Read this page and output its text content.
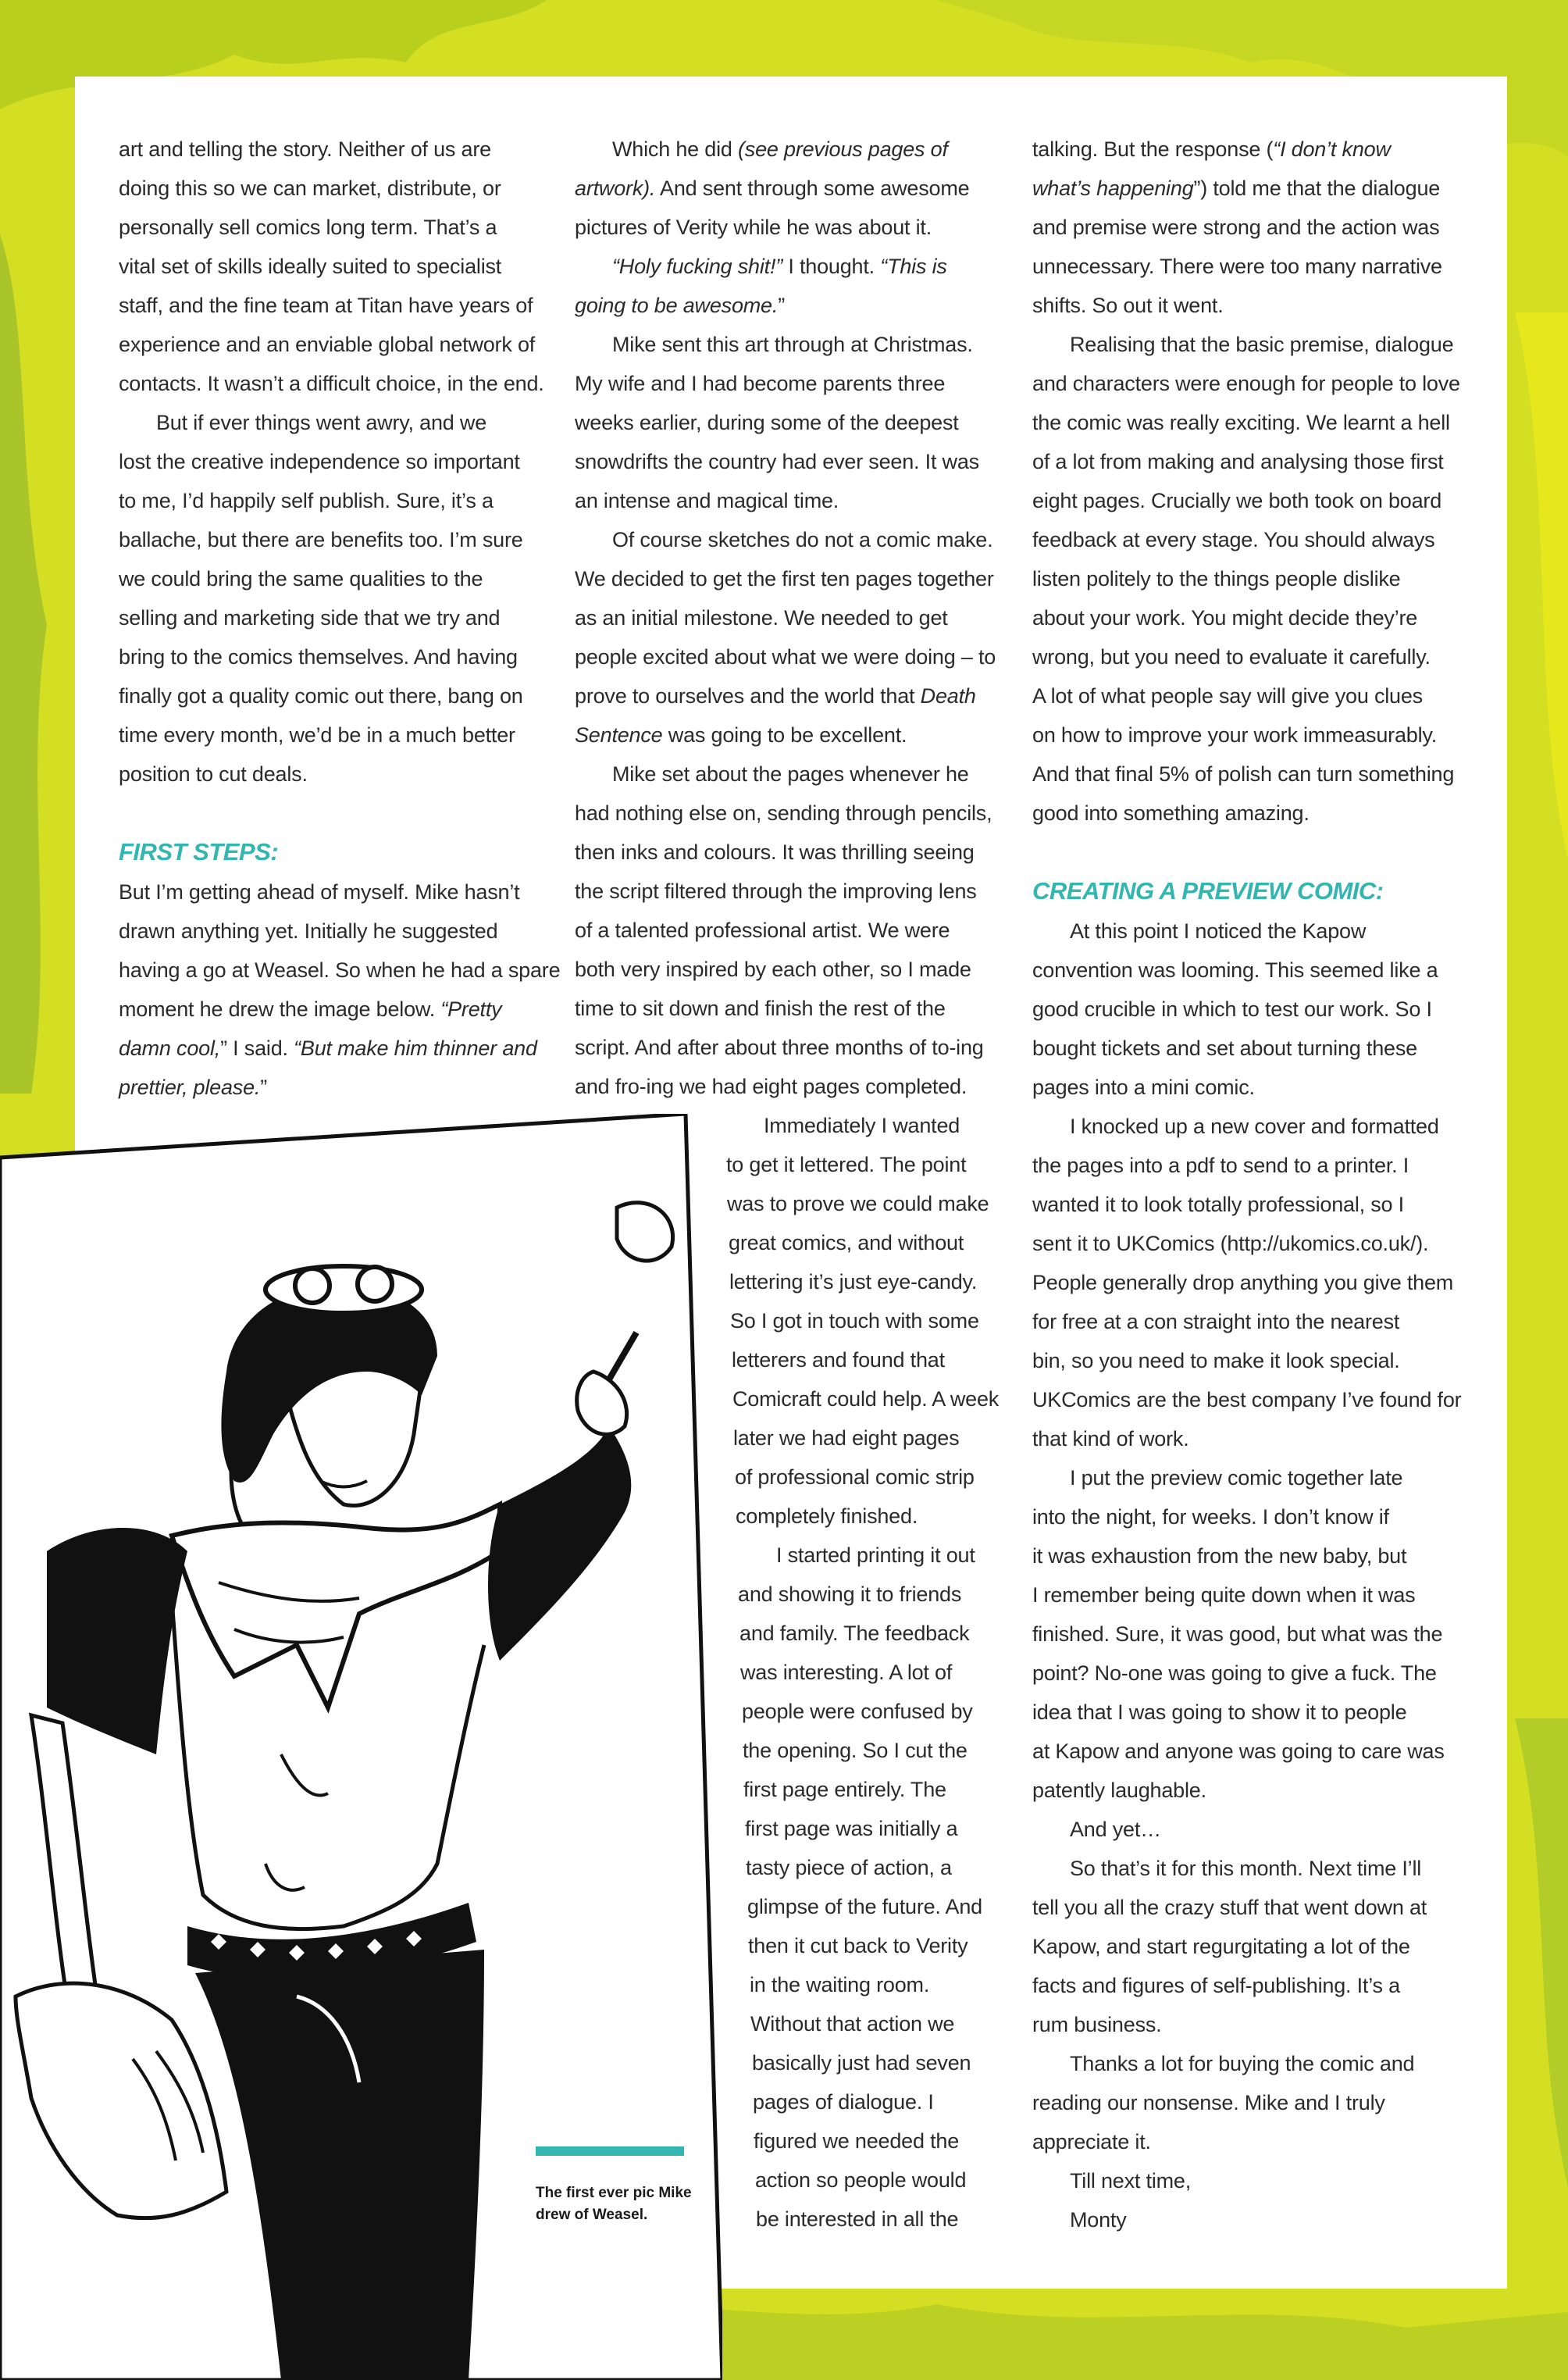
art and telling the story. Neither of us are

doing this so we can market, distribute, or

personally sell comics long term. That’s a

vital set of skills ideally suited to specialist

staff, and the fine team at Titan have years of

experience and an enviable global network of

contacts. It wasn’t a difficult choice, in the end.

But if ever things went awry, and we

lost the creative independence so important

to me, I’d happily self publish. Sure, it’s a

ballache, but there are benefits too. I’m sure

we could bring the same qualities to the

selling and marketing side that we try and

bring to the comics themselves. And having

finally got a quality comic out there, bang on

time every month, we’d be in a much better

position to cut deals.

FIRST STEPS:

But I’m getting ahead of myself. Mike hasn’t

drawn anything yet. Initially he suggested

having a go at Weasel. So when he had a spare

moment he drew the image below. “Pretty

damn cool,” I said. “But make him thinner and

prettier, please.”

Which he did (see previous pages of

artwork). And sent through some awesome

pictures of Verity while he was about it.

“Holy fucking shit!” I thought. “This is

going to be awesome.”

Mike sent this art through at Christmas.

My wife and I had become parents three

weeks earlier, during some of the deepest

snowdrifts the country had ever seen. It was

an intense and magical time.

Of course sketches do not a comic make.

We decided to get the first ten pages together

as an initial milestone. We needed to get

people excited about what we were doing – to

prove to ourselves and the world that Death

Sentence was going to be excellent.

Mike set about the pages whenever he

had nothing else on, sending through pencils,

then inks and colours. It was thrilling seeing

the script filtered through the improving lens

of a talented professional artist. We were

both very inspired by each other, so I made

time to sit down and finish the rest of the

script. And after about three months of to-ing

and fro-ing we had eight pages completed.

Immediately I wanted

to get it lettered. The point

was to prove we could make

great comics, and without

lettering it’s just eye-candy.

So I got in touch with some

letterers and found that

Comicraft could help. A week

later we had eight pages

of professional comic strip

completely finished.

I started printing it out

and showing it to friends

and family. The feedback

was interesting. A lot of

people were confused by

the opening. So I cut the

first page entirely. The

first page was initially a

tasty piece of action, a

glimpse of the future. And

then it cut back to Verity

in the waiting room.

Without that action we

basically just had seven

pages of dialogue. I

figured we needed the

action so people would

be interested in all the

talking. But the response (“I don’t know

what’s happening”) told me that the dialogue

and premise were strong and the action was

unnecessary. There were too many narrative

shifts. So out it went.

Realising that the basic premise, dialogue

and characters were enough for people to love

the comic was really exciting. We learnt a hell

of a lot from making and analysing those first

eight pages. Crucially we both took on board

feedback at every stage. You should always

listen politely to the things people dislike

about your work. You might decide they’re

wrong, but you need to evaluate it carefully.

A lot of what people say will give you clues

on how to improve your work immeasurably.

And that final 5% of polish can turn something

good into something amazing.

CREATING A PREVIEW COMIC:

At this point I noticed the Kapow

convention was looming. This seemed like a

good crucible in which to test our work. So I

bought tickets and set about turning these

pages into a mini comic.

I knocked up a new cover and formatted

the pages into a pdf to send to a printer. I

wanted it to look totally professional, so I

sent it to UKComics (http://ukomics.co.uk/).

People generally drop anything you give them

for free at a con straight into the nearest

bin, so you need to make it look special.

UKComics are the best company I’ve found for

that kind of work.

I put the preview comic together late

into the night, for weeks. I don’t know if

it was exhaustion from the new baby, but

I remember being quite down when it was

finished. Sure, it was good, but what was the

point? No-one was going to give a fuck. The

idea that I was going to show it to people

at Kapow and anyone was going to care was

patently laughable.

And yet…

So that’s it for this month. Next time I’ll

tell you all the crazy stuff that went down at

Kapow, and start regurgitating a lot of the

facts and figures of self-publishing. It’s a

rum business.

Thanks a lot for buying the comic and

reading our nonsense. Mike and I truly

appreciate it.

Till next time,

Monty

The first ever pic Mike

drew of Weasel.
